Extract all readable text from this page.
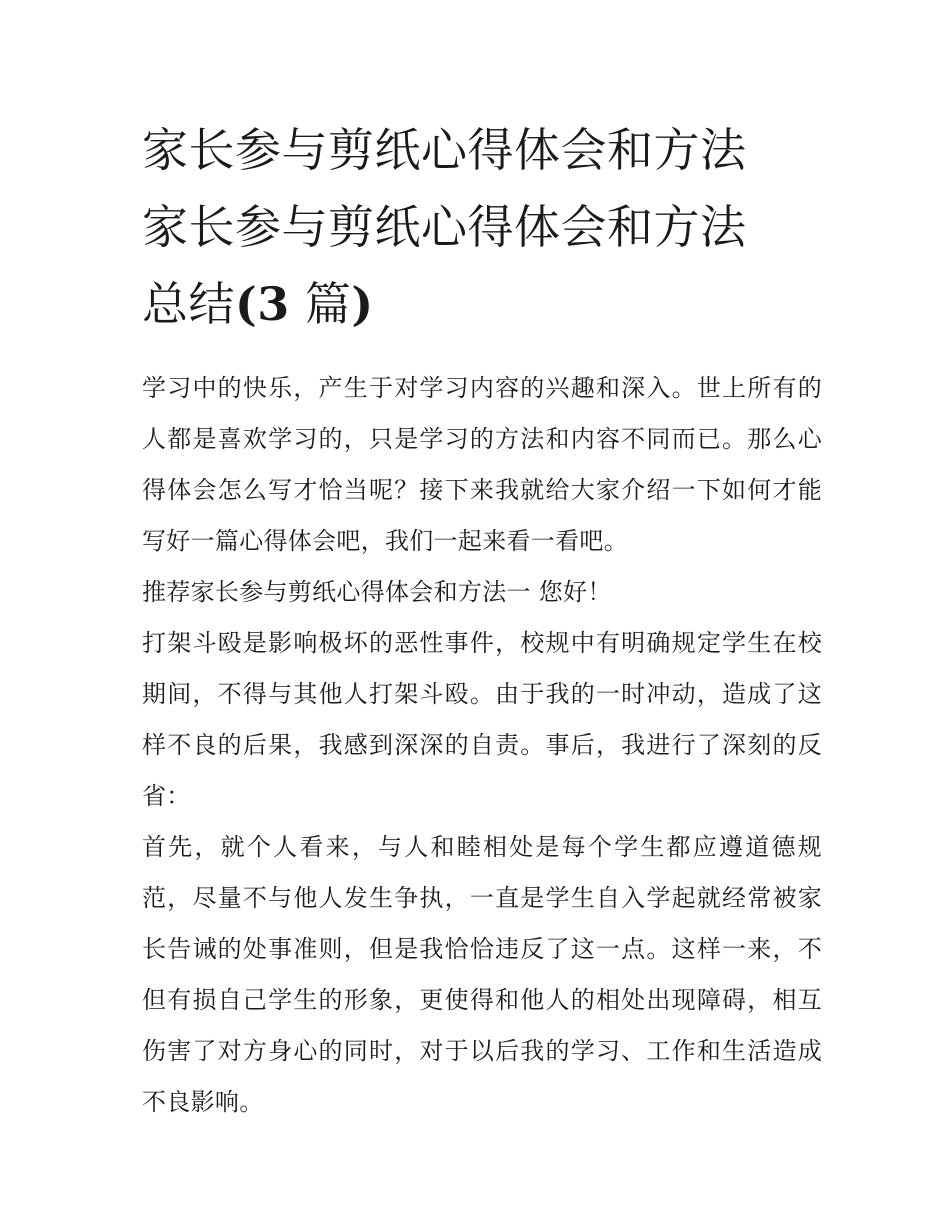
家长参与剪纸心得体会和方法
家长参与剪纸心得体会和方法
总结(3 篇)

学习中的快乐，产生于对学习内容的兴趣和深入。世上所有的人都是喜欢学习的，只是学习的方法和内容不同而已。那么心得体会怎么写才恰当呢？接下来我就给大家介绍一下如何才能写好一篇心得体会吧，我们一起来看一看吧。

推荐家长参与剪纸心得体会和方法一 您好！

打架斗殴是影响极坏的恶性事件，校规中有明确规定学生在校期间，不得与其他人打架斗殴。由于我的一时冲动，造成了这样不良的后果，我感到深深的自责。事后，我进行了深刻的反省：

首先，就个人看来，与人和睦相处是每个学生都应遵道德规范，尽量不与他人发生争执，一直是学生自入学起就经常被家长告诫的处事准则，但是我恰恰违反了这一点。这样一来，不但有损自己学生的形象，更使得和他人的相处出现障碍，相互伤害了对方身心的同时，对于以后我的学习、工作和生活造成不良影响。
